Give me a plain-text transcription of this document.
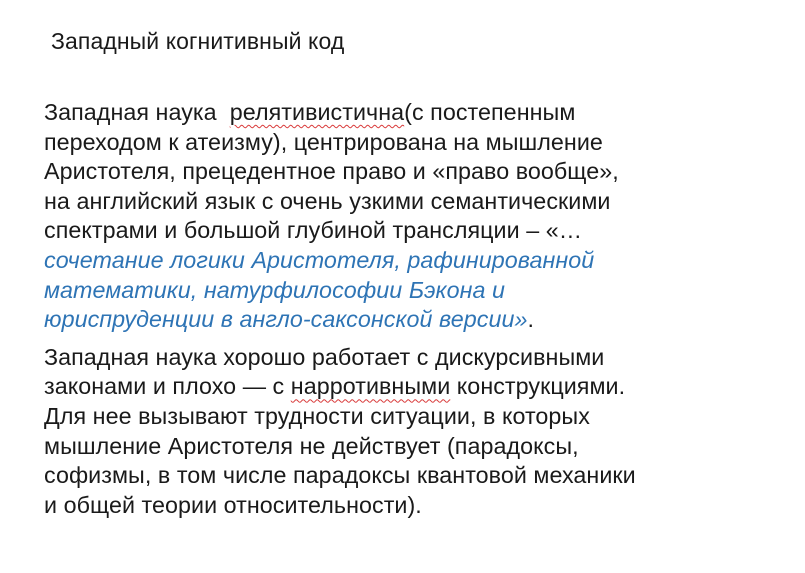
Западный когнитивный код

Западная наука релятивистична(с постепенным
переходом к атеизму), центрирована на мышление
Аристотеля, прецедентное право и «право вообще»,
на английский язык с очень узкими семантическими
спектрами и большой глубиной трансляции – «…
сочетание логики Аристотеля, рафинированной
математики, натурфилософии Бэкона и
юриспруденции в англо-саксонской версии».

Западная наука хорошо работает с дискурсивными
законами и плохо — с нарротивными конструкциями.
Для нее вызывают трудности ситуации, в которых
мышление Аристотеля не действует (парадоксы,
софизмы, в том числе парадоксы квантовой механики
и общей теории относительности).
